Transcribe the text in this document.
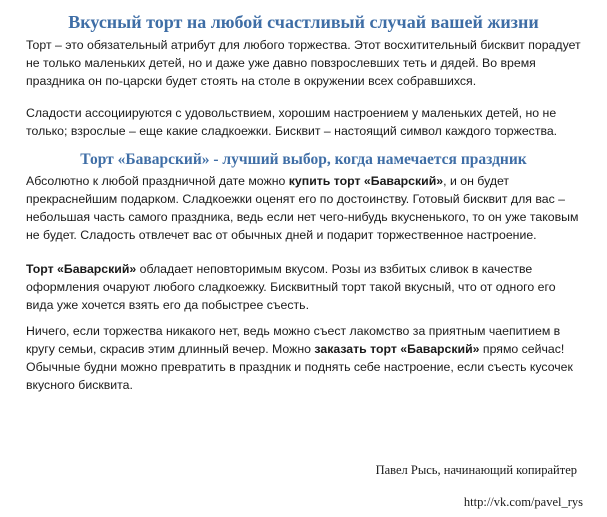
Вкусный торт на любой счастливый случай вашей жизни

Торт – это обязательный атрибут для любого торжества. Этот восхитительный бисквит порадует не только маленьких детей, но и даже уже давно повзрослевших теть и дядей. Во время праздника он по-царски будет стоять на столе в окружении всех собравшихся.

Сладости ассоциируются с удовольствием, хорошим настроением у маленьких детей, но не только; взрослые – еще какие сладкоежки. Бисквит – настоящий символ каждого торжества.

Торт «Баварский» - лучший выбор, когда намечается праздник

Абсолютно к любой праздничной дате можно купить торт «Баварский», и он будет прекраснейшим подарком. Сладкоежки оценят его по достоинству. Готовый бисквит для вас – небольшая часть самого праздника, ведь если нет чего-нибудь вкусненького, то он уже таковым не будет. Сладость отвлечет вас от обычных дней и подарит торжественное настроение.

Торт «Баварский» обладает неповторимым вкусом. Розы из взбитых сливок в качестве оформления очаруют любого сладкоежку. Бисквитный торт такой вкусный, что от одного его вида уже хочется взять его да побыстрее съесть.

Ничего, если торжества никакого нет, ведь можно съест лакомство за приятным чаепитием в кругу семьи, скрасив этим длинный вечер. Можно заказать торт «Баварский» прямо сейчас! Обычные будни можно превратить в праздник и поднять себе настроение, если съесть кусочек вкусного бисквита.

Павел Рысь, начинающий копирайтер

http://vk.com/pavel_rys
